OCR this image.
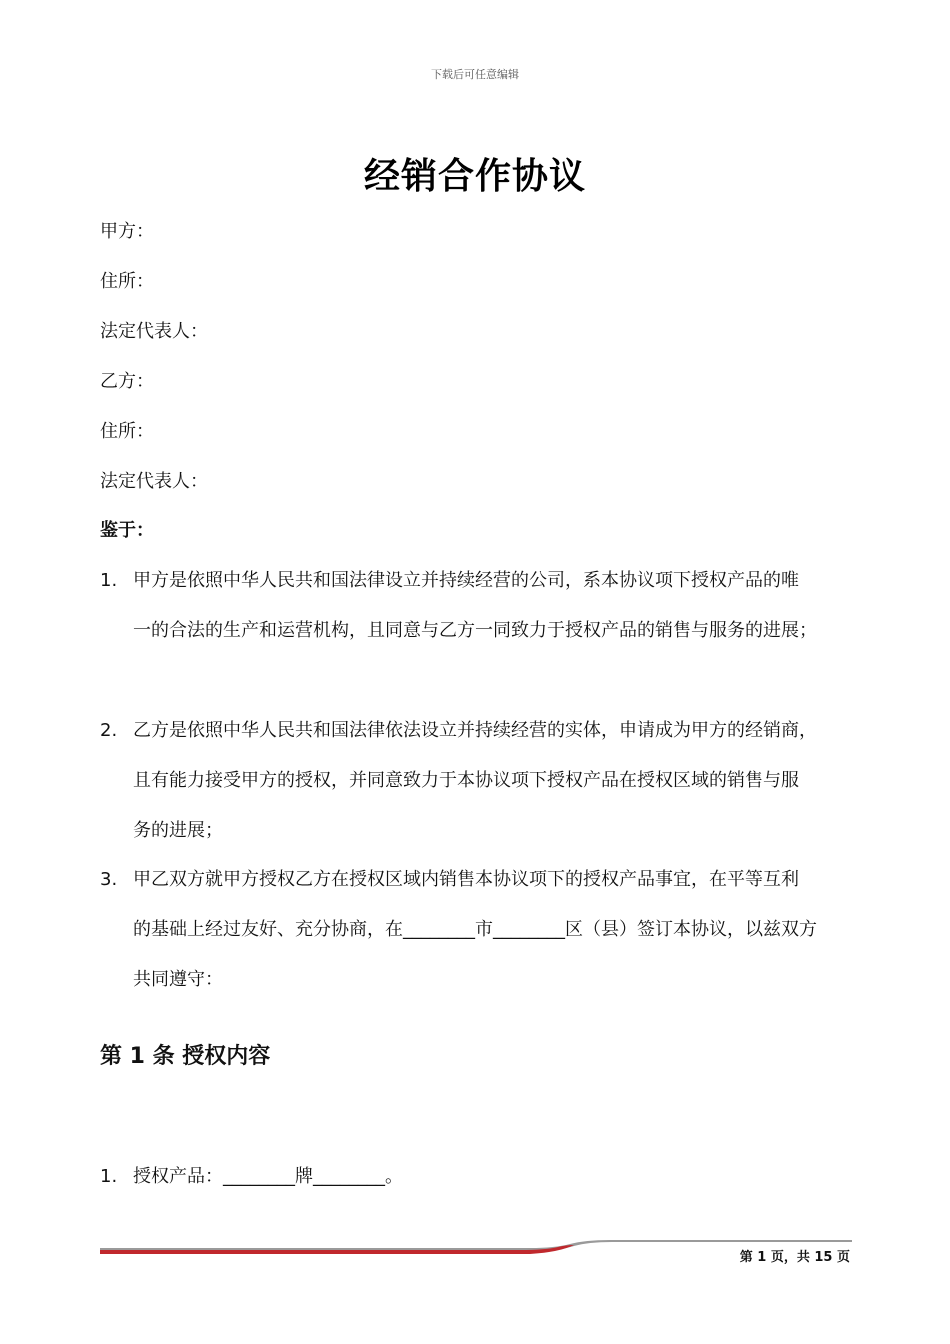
下载后可任意编辑
经销合作协议
甲方：
住所：
法定代表人：
乙方：
住所：
法定代表人：
鉴于：
1. 甲方是依照中华人民共和国法律设立并持续经营的公司，系本协议项下授权产品的唯
一的合法的生产和运营机构，且同意与乙方一同致力于授权产品的销售与服务的进展；
2. 乙方是依照中华人民共和国法律依法设立并持续经营的实体，申请成为甲方的经销商，
且有能力接受甲方的授权，并同意致力于本协议项下授权产品在授权区域的销售与服
务的进展；
3. 甲乙双方就甲方授权乙方在授权区域内销售本协议项下的授权产品事宜，在平等互利
的基础上经过友好、充分协商，在________市________区（县）签订本协议，以兹双方
共同遵守：
第 1 条 授权内容
1. 授权产品：________牌________。
第 1 页，共 15 页
